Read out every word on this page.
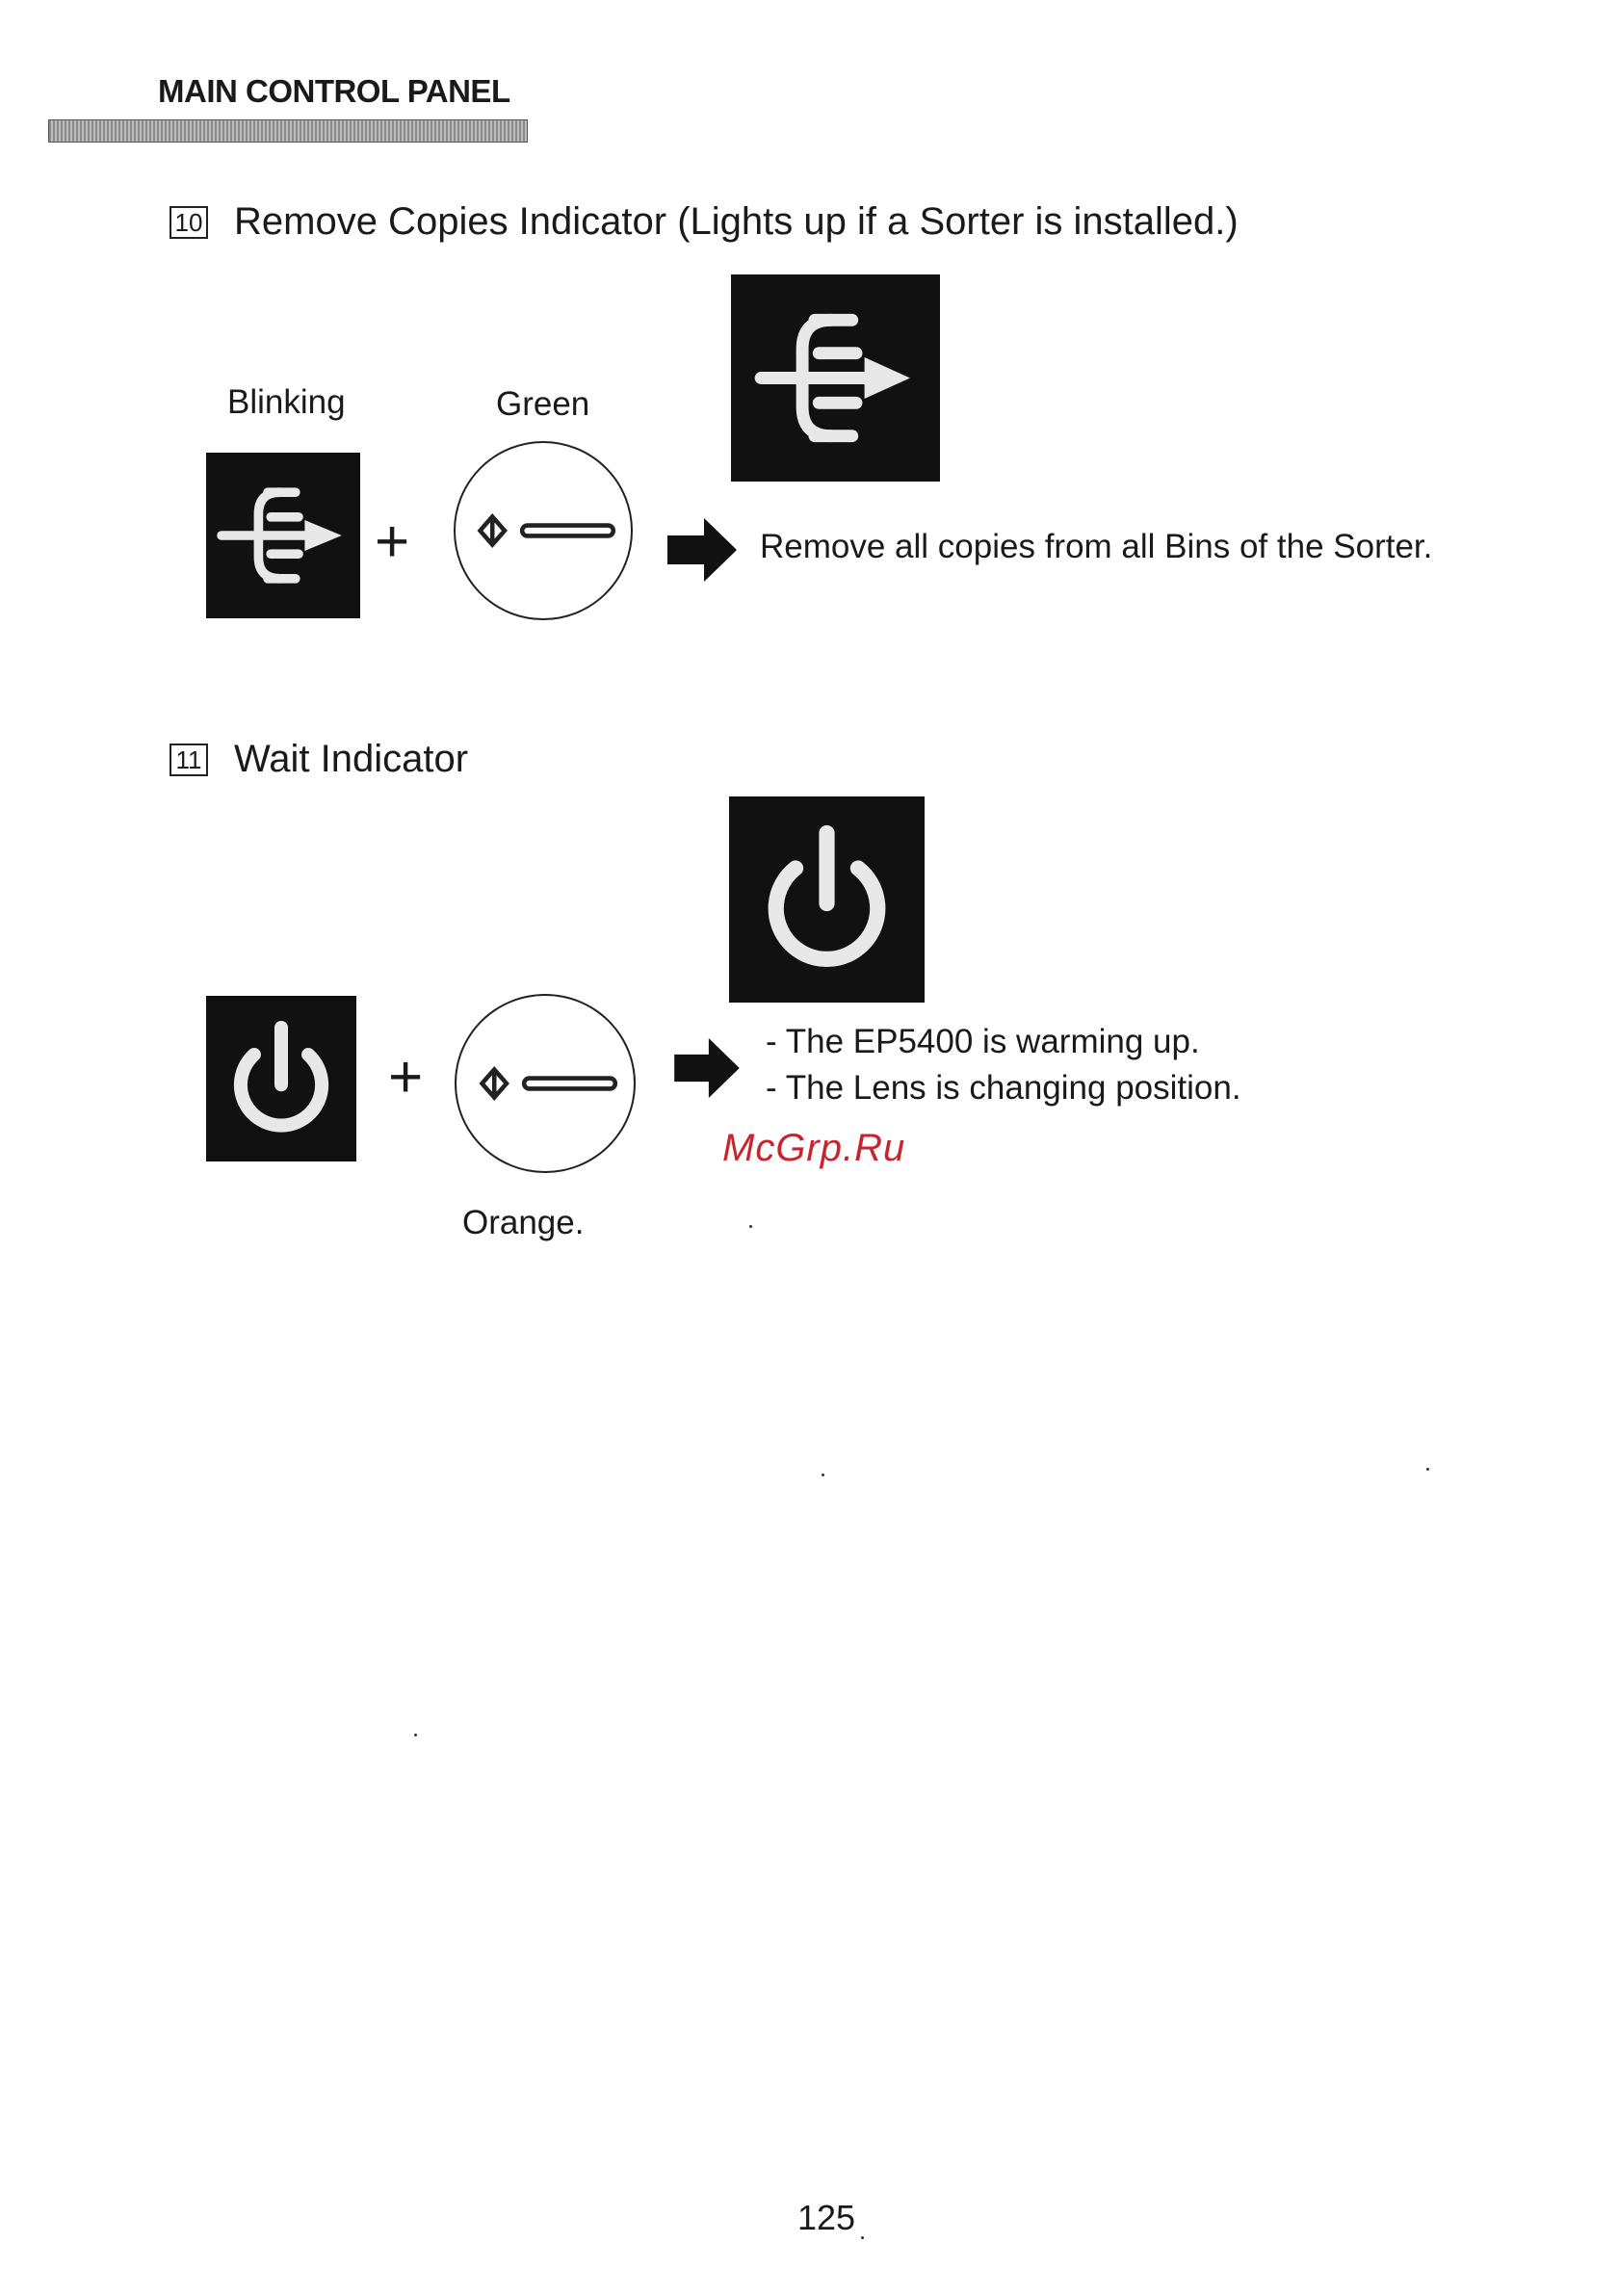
MAIN CONTROL PANEL
10 Remove Copies Indicator (Lights up if a Sorter is installed.)
Blinking	Green
+	Remove all copies from all Bins of the Sorter.
11 Wait Indicator
+
- The EP5400 is warming up.
- The Lens is changing position.
Orange.
McGrp.Ru
125
